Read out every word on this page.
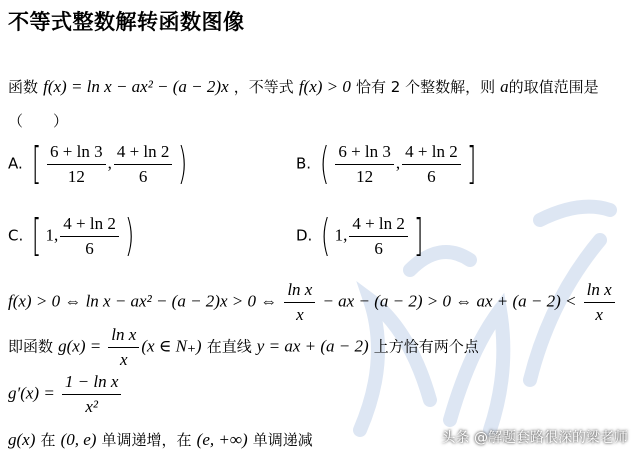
不等式整数解转函数图像
函数 f(x) = ln x − ax² − (a − 2)x ，不等式 f(x) > 0 恰有 2 个整数解，则 a的取值范围是
（　　）
A. [ $\frac{6 + \ln 3}{12}$ , $\frac{4 + \ln 2}{6}$ )	B. ( $\frac{6 + \ln 3}{12}$ , $\frac{4 + \ln 2}{6}$ ]
C. [ 1, $\frac{4 + \ln 2}{6}$ )	D. ( 1, $\frac{4 + \ln 2}{6}$ ]
f(x) > 0 ⇔ ln x − ax² − (a − 2)x > 0 ⇔ $\frac{\text{ln x}}{x}$ − ax − (a − 2) > 0 ⇔ ax + $(a - 2) < \frac{\text{ln x}}{x}$
即函数 $g(x) = \frac{\text{ln x}}{x} (x$ ∈ N₊) 在直线 y = ax + (a − 2) 上方恰有两个点
$g'(x) = \frac{\text{1 − ln x}}{\text{x²}}$
g(x) 在 (0, e) 单调递增，在 (e, +∞) 单调递减	头条 @解题套路很深的梁老师
